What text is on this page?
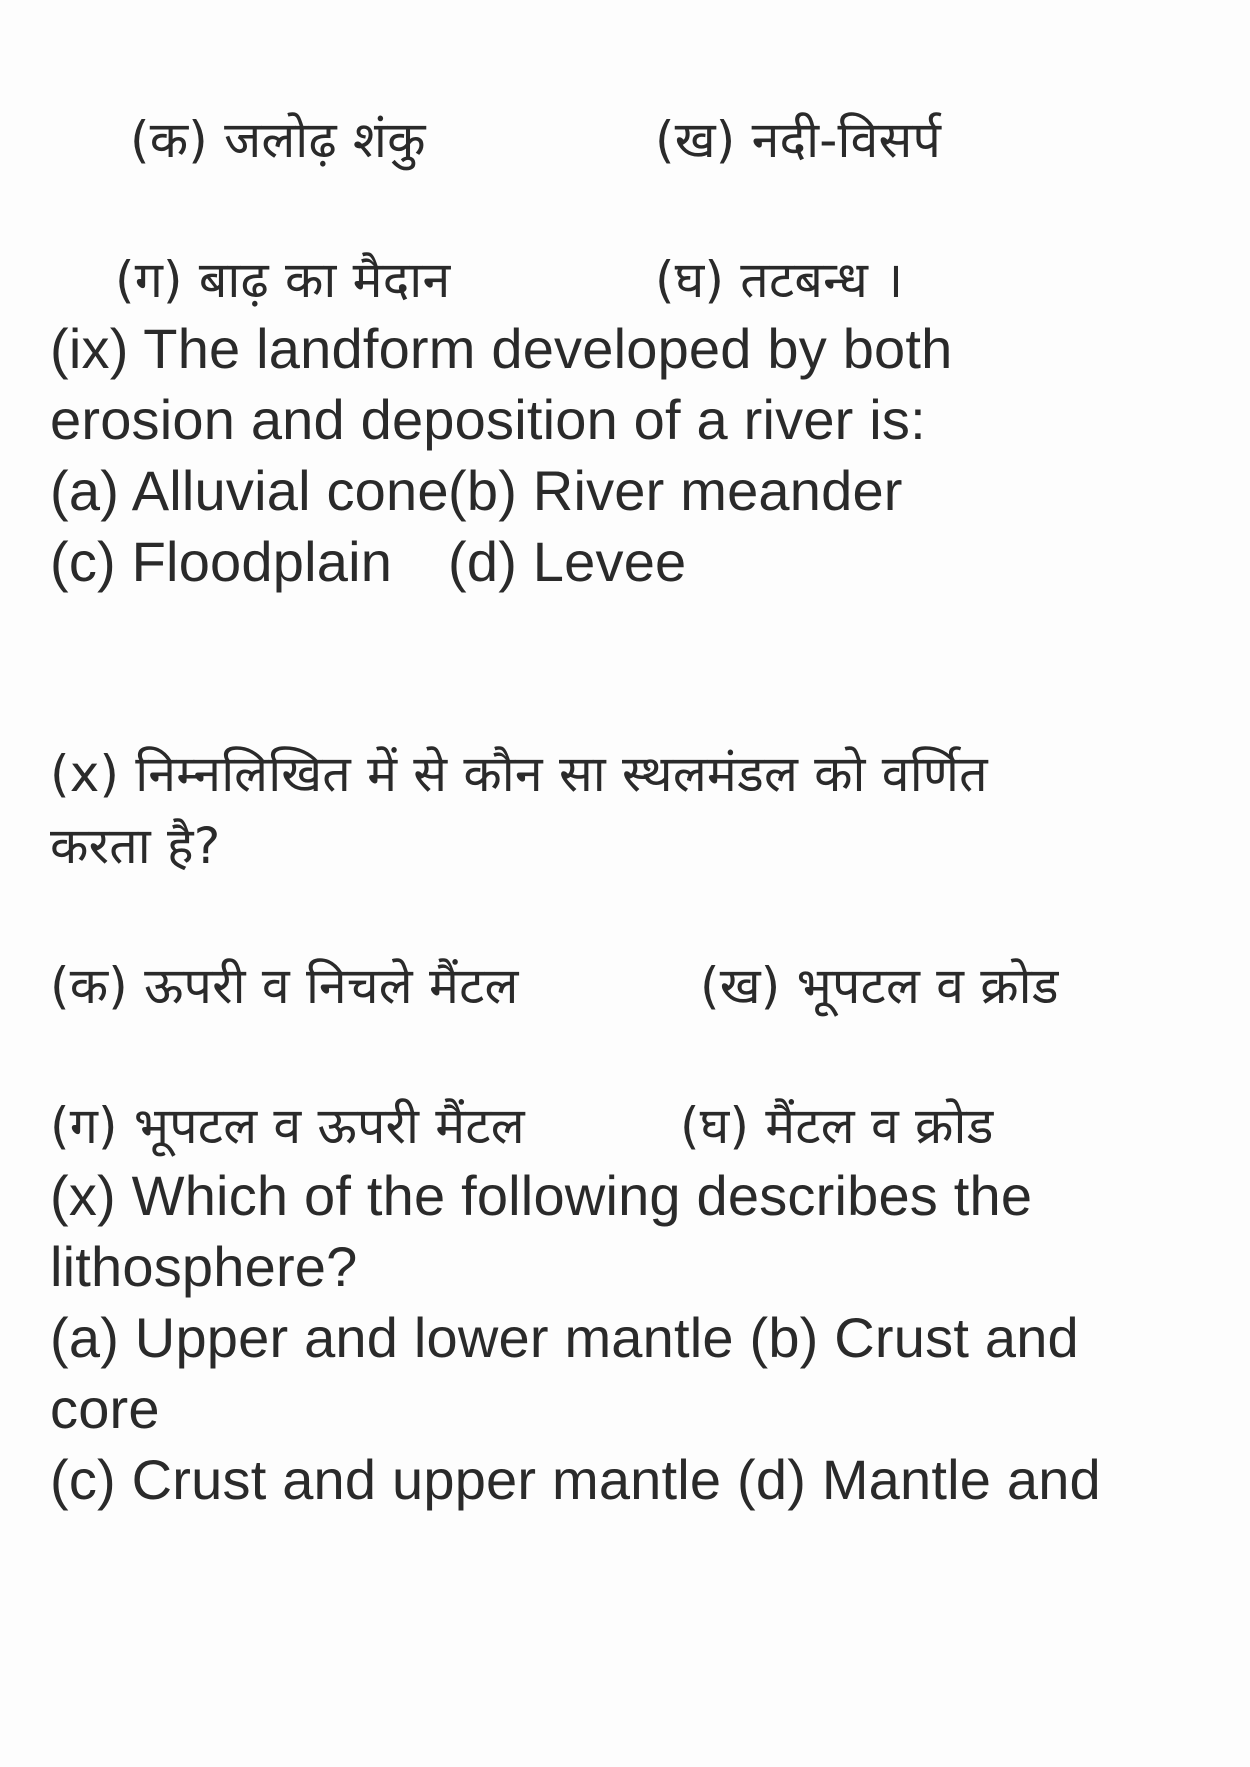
(क) जलोढ़ शंकु	(ख) नदी-विसर्प
(ग) बाढ़ का मैदान	(घ) तटबन्ध ।
(ix) The landform developed by both
erosion and deposition of a river is:
(a) Alluvial cone (b) River meander
(c) Floodplain (d) Levee
(x) निम्नलिखित में से कौन सा स्थलमंडल को वर्णित
करता है?
(क) ऊपरी व निचले मैंटल	(ख) भूपटल व क्रोड
(ग) भूपटल व ऊपरी मैंटल	(घ) मैंटल व क्रोड
(x) Which of the following describes the
lithosphere?
(a) Upper and lower mantle (b) Crust and
core
(c) Crust and upper mantle (d) Mantle and
